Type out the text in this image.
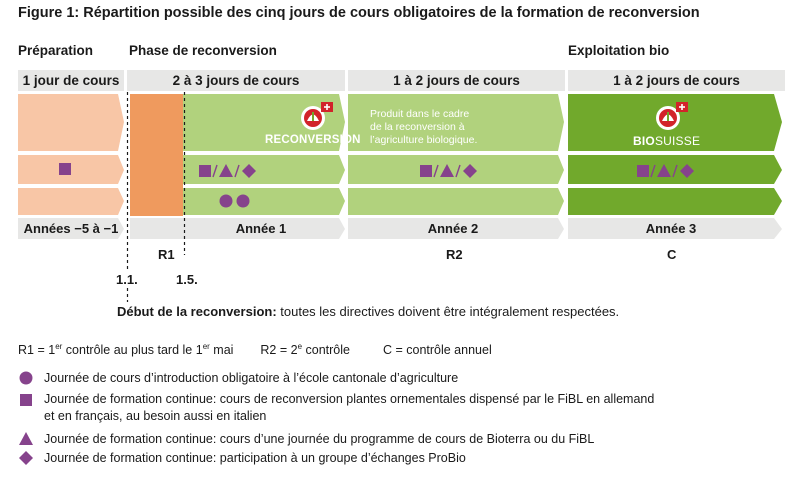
Figure 1: Répartition possible des cinq jours de cours obligatoires de la formation de reconversion
Préparation	Phase de reconversion	Exploitation bio
1 jour de cours	2 à 3 jours de cours	1 à 2 jours de cours	1 à 2 jours de cours
RECONVERSION
Produit dans le cadre
de la reconversion à
l’agriculture biologique.	BIOSUISSE
Années −5 à −1	Année 1	Année 2	Année 3
R1	R2	C
1.1.	1.5.
Début de la reconversion: toutes les directives doivent être intégralement respectées.
R1 = 1er contrôle au plus tard le 1er mai $R2 = 2^e$ contrôle	C = contrôle annuel
Journée de cours d’introduction obligatoire à l’école cantonale d’agriculture
Journée de formation continue: cours de reconversion plantes ornementales dispensé par le FiBL en allemand
et en français, au besoin aussi en italien
Journée de formation continue: cours d’une journée du programme de cours de Bioterra ou du FiBL
Journée de formation continue: participation à un groupe d’échanges ProBio
